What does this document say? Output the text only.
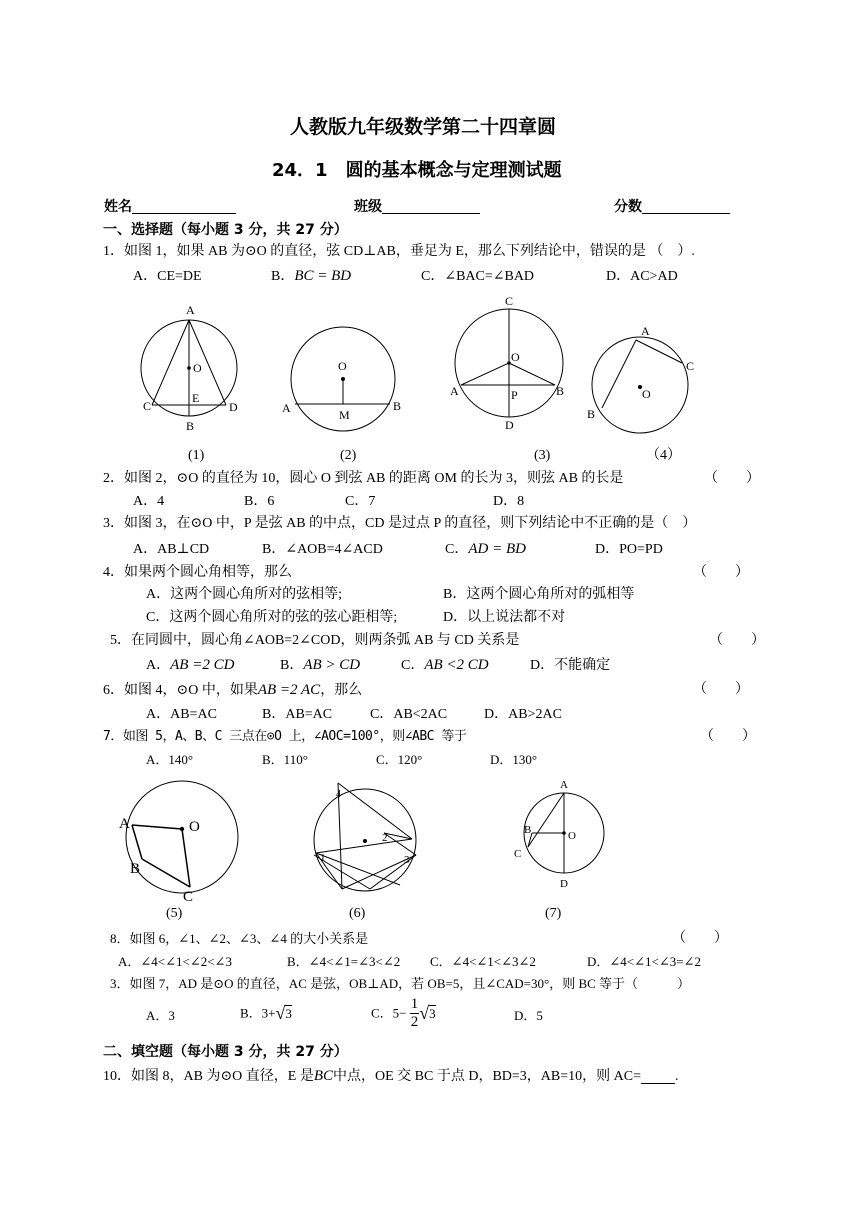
人教版九年级数学第二十四章圆
24．1　圆的基本概念与定理测试题
姓名	班级	分数
一、选择题（每小题 3 分，共 27 分）
1．如图 1，如果 AB 为⊙O 的直径，弦 CD⊥AB，垂足为 E，那么下列结论中，错误的是 （　）.
A．CE=DE	B．BC = BD	C．∠BAC=∠BAD	D．AC>AD
A
O
C
E
D
B
(1)
O
A	M
B
(2)
C
O
A	P	B
D
(3)
A
C
O
B
（4）
2．如图 2，⊙O 的直径为 10，圆心 O 到弦 AB 的距离 OM 的长为 3，则弦 AB 的长是	（　　）
A．4	B．6	C．7	D．8
3．如图 3，在⊙O 中，P 是弦 AB 的中点，CD 是过点 P 的直径，则下列结论中不正确的是（　）
A．AB⊥CD	B．∠AOB=4∠ACD	C．AD = BD	D．PO=PD
4．如果两个圆心角相等，那么	（　　）
A．这两个圆心角所对的弦相等;	B．这两个圆心角所对的弧相等
C．这两个圆心角所对的弦的弦心距相等;	D．以上说法都不对
5．在同圆中，圆心角∠AOB=2∠COD，则两条弧 AB 与 CD 关系是	（　　）
A．AB =2 CD	B．AB > CD	C．AB <2 CD	D．不能确定
6．如图 4，⊙O 中，如果AB =2 AC，那么	（　　）
A．AB=AC	B．AB=AC	C．AB<2AC	D．AB>2AC
7．如图 5，A、B、C 三点在⊙O 上，∠AOC=100°，则∠ABC 等于	（　　）
A．140°	B．110°	C．120°	D．130°
A	O
B
C
(5)
4
2
1	3
(6)
A
B	O
C
D
(7)
8．如图 6，∠1、∠2、∠3、∠4 的大小关系是	（　　）
A．∠4<∠1<∠2<∠3	B．∠4<∠1=∠3<∠2 C．∠4<∠1<∠3∠2	D．∠4<∠1<∠3=∠2
3．如图 7，AD 是⊙O 的直径，AC 是弦，OB⊥AD，若 OB=5，且∠CAD=30°，则 BC 等于（　　　）
A．3	B．3+√3	C．$5- \frac{1}{2} √3$	D．5
二、填空题（每小题 3 分，共 27 分）
10．如图 8，AB 为⊙O 直径，E 是BC中点，OE 交 BC 于点 D，BD=3，AB=10，则 AC= .
